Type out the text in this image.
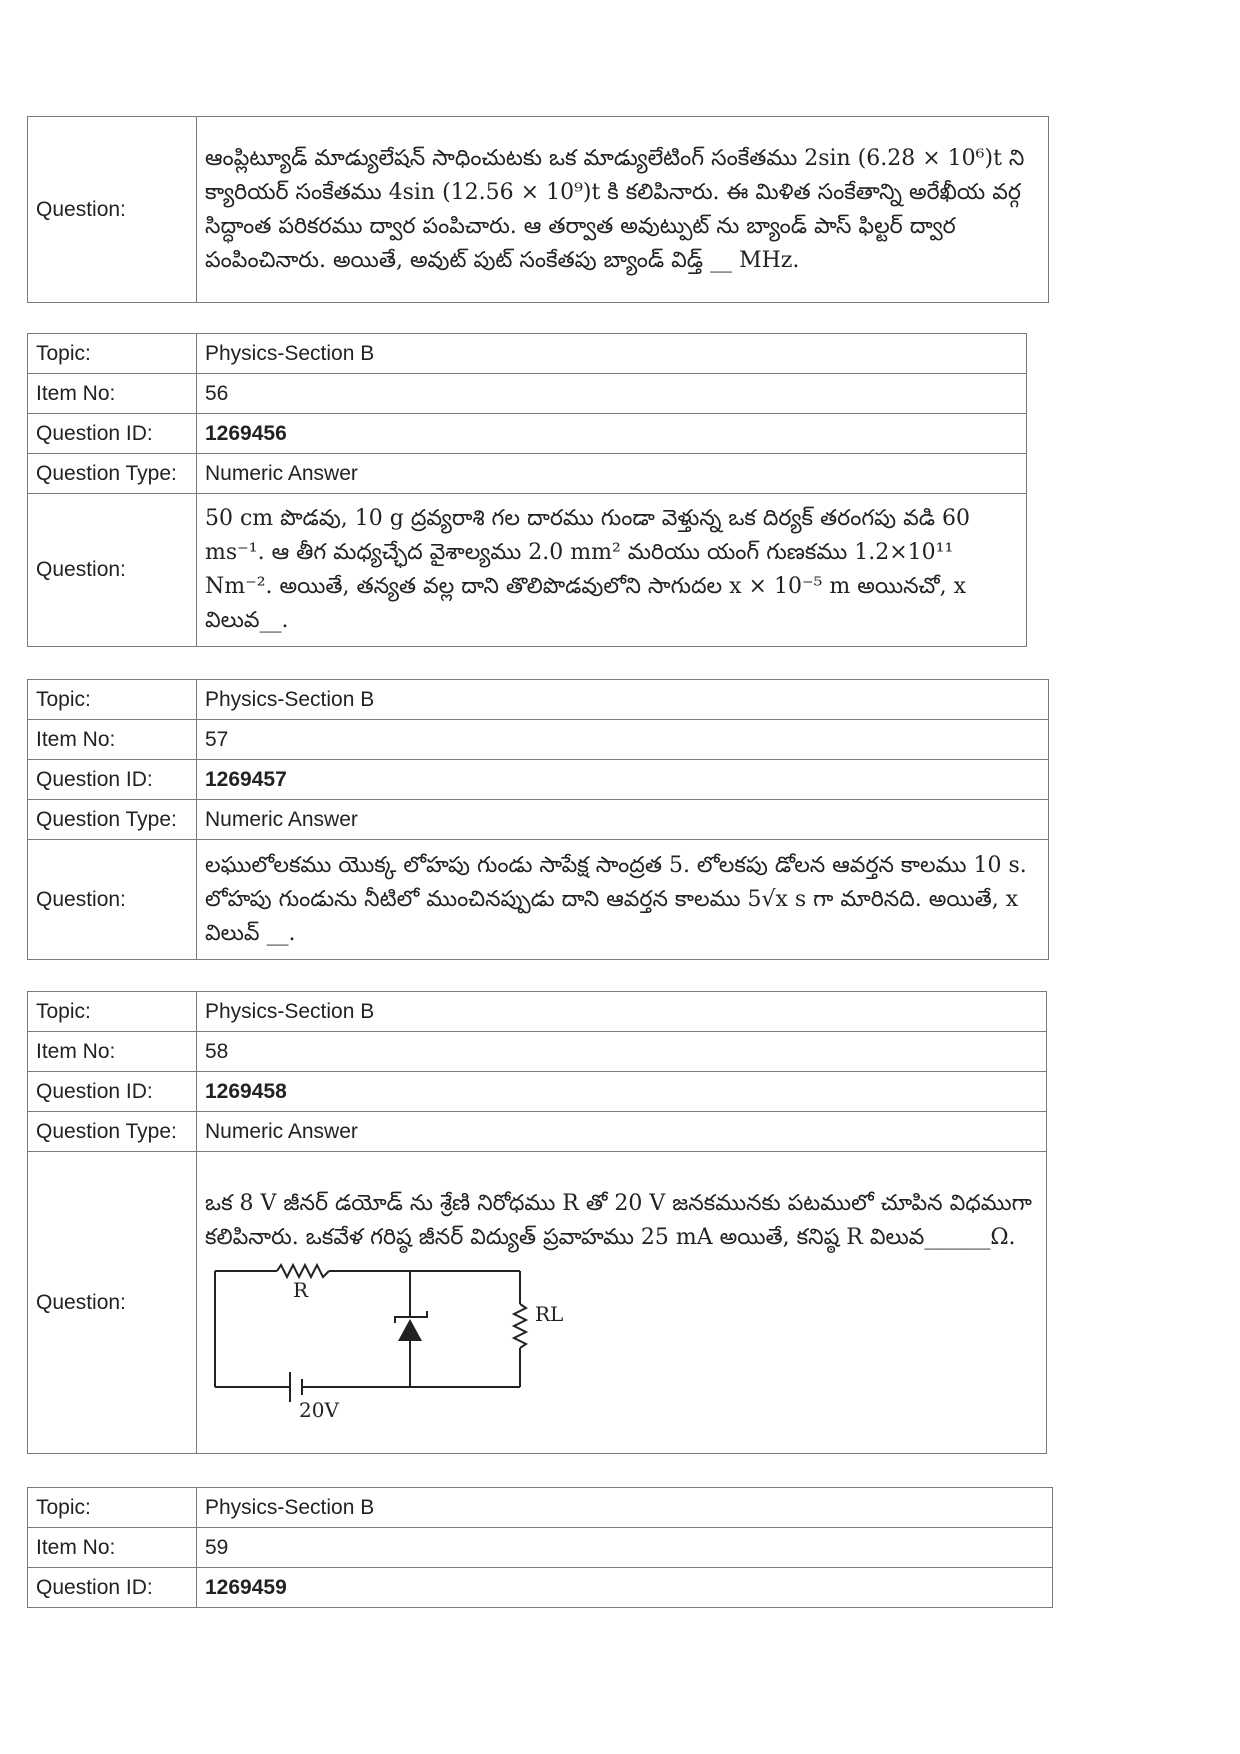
Question:	ఆంప్లిట్యూడ్ మాడ్యులేషన్ సాధించుటకు ఒక మాడ్యులేటింగ్ సంకేతము 2sin (6.28 × 10⁶)t ని క్యారియర్ సంకేతము 4sin (12.56 × 10⁹)t కి కలిపినారు. ఈ మిళిత సంకేతాన్ని అరేఖీయ వర్గ సిద్ధాంత పరికరము ద్వార పంపిచారు. ఆ తర్వాత అవుట్పుట్ ను బ్యాండ్ పాస్ ఫిల్టర్ ద్వార పంపించినారు. అయితే, అవుట్ పుట్ సంకేతపు బ్యాండ్ విడ్త్ __ MHz.
Topic:	Physics-Section B
Item No:	56
Question ID:	1269456
Question Type:	Numeric Answer
Question:	50 cm పొడవు, 10 g ద్రవ్యరాశి గల దారము గుండా వెళ్తున్న ఒక దిర్యక్ తరంగపు వడి 60 ms⁻¹. ఆ తీగ మధ్యచ్ఛేద వైశాల్యము 2.0 mm² మరియు యంగ్ గుణకము 1.2×10¹¹ Nm⁻². అయితే, తన్యత వల్ల దాని తొలిపొడవులోని సాగుదల x × 10⁻⁵ m అయినచో, x విలువ__.
Topic:	Physics-Section B
Item No:	57
Question ID:	1269457
Question Type:	Numeric Answer
Question:	లఘులోలకము యొక్క లోహపు గుండు సాపేక్ష సాంద్రత 5. లోలకపు డోలన ఆవర్తన కాలము 10 s. లోహపు గుండును నీటిలో ముంచినప్పుడు దాని ఆవర్తన కాలము 5√x s గా మారినది. అయితే, x విలువ్ __.
Topic:	Physics-Section B
Item No:	58
Question ID:	1269458
Question Type:	Numeric Answer
Question:	ఒక 8 V జీనర్ డయోడ్ ను శ్రేణి నిరోధము R తో 20 V జనకమునకు పటములో చూపిన విధముగా కలిపినారు. ఒకవేళ గరిష్ఠ జీనర్ విద్యుత్ ప్రవాహము 25 mA అయితే, కనిష్ఠ R విలువ______Ω.
R
RL
20V
Topic:	Physics-Section B
Item No:	59
Question ID:	1269459
